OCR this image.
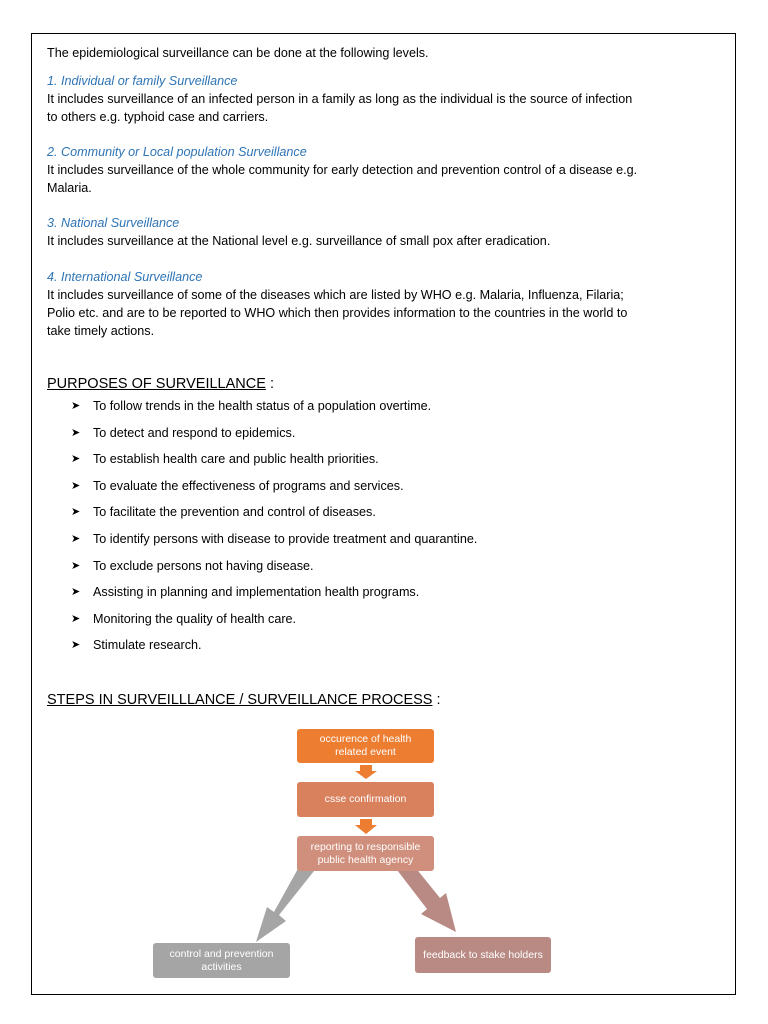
The epidemiological surveillance can be done at the following levels.
1. Individual or family Surveillance
It includes surveillance of an infected person in a family as long as the individual is the source of infection
to others e.g. typhoid case and carriers.
2. Community or Local population Surveillance
It includes surveillance of the whole community for early detection and prevention control of a disease e.g.
Malaria.
3. National Surveillance
It includes surveillance at the National level e.g. surveillance of small pox after eradication.
4. International Surveillance
It includes surveillance of some of the diseases which are listed by WHO e.g. Malaria, Influenza, Filaria;
Polio etc. and are to be reported to WHO which then provides information to the countries in the world to
take timely actions.
PURPOSES OF SURVEILLANCE :
➤ To follow trends in the health status of a population overtime.
➤ To detect and respond to epidemics.
➤ To establish health care and public health priorities.
➤ To evaluate the effectiveness of programs and services.
➤ To facilitate the prevention and control of diseases.
➤ To identify persons with disease to provide treatment and quarantine.
➤ To exclude persons not having disease.
➤ Assisting in planning and implementation health programs.
➤ Monitoring the quality of health care.
➤ Stimulate research.
STEPS IN SURVEILLLANCE / SURVEILLANCE PROCESS :
occurence of health related event
csse confirmation
reporting to responsible public health agency
control and prevention activities
feedback to stake holders
